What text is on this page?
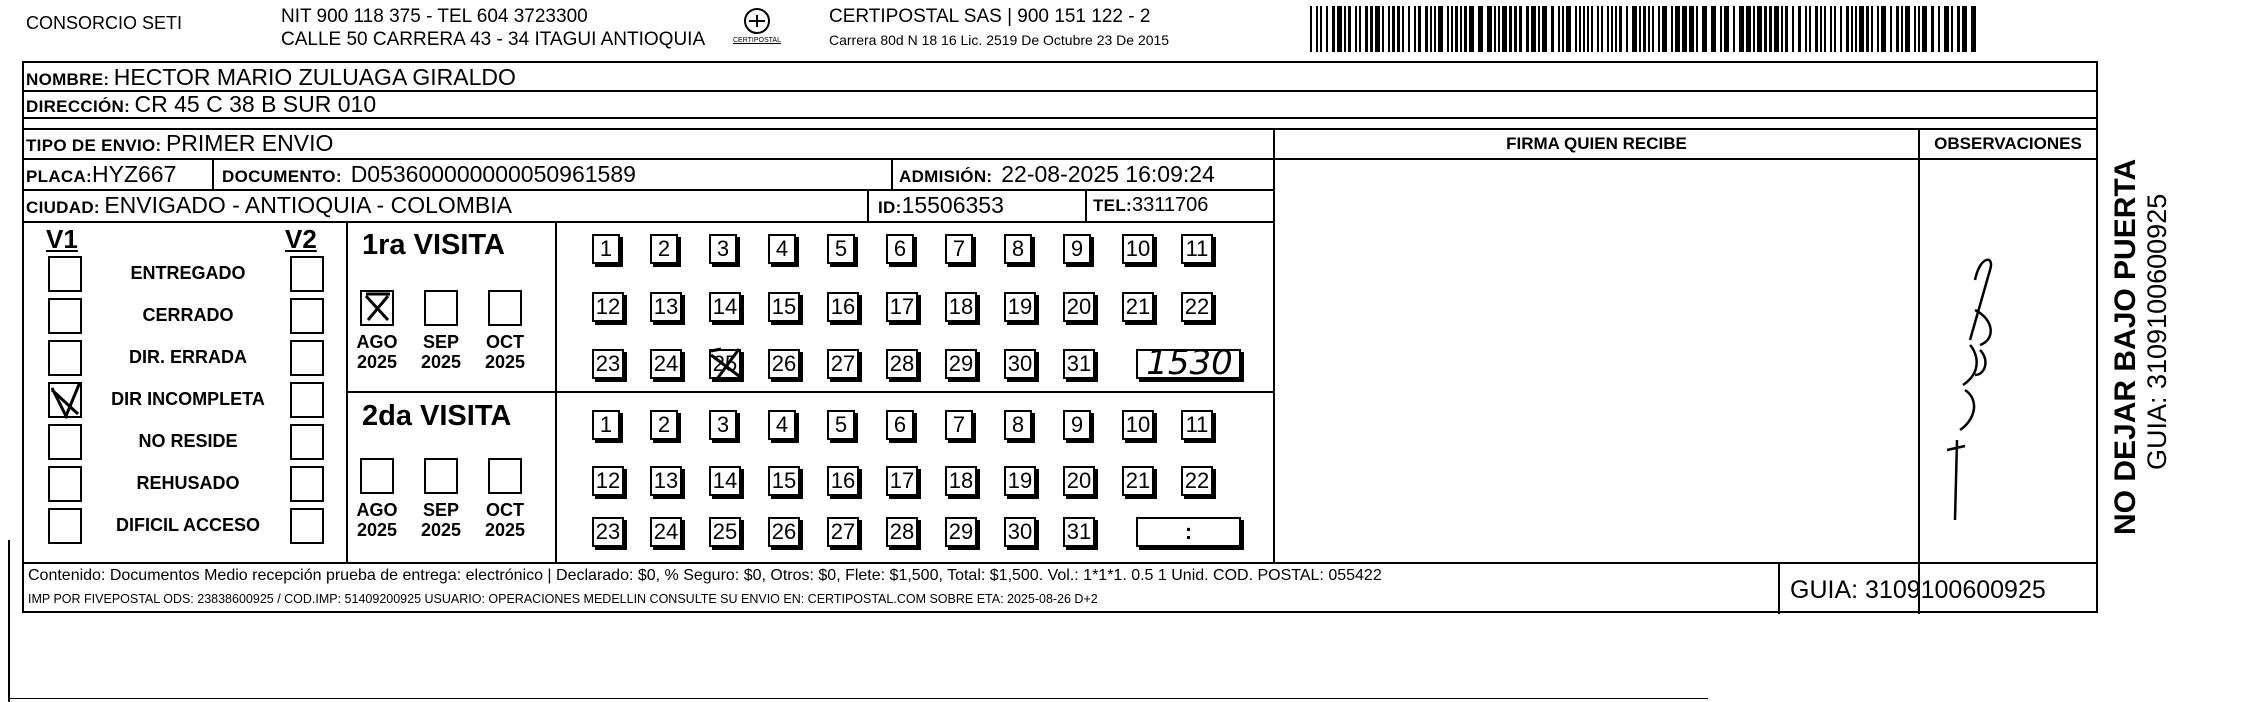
CONSORCIO SETI	NIT 900 118 375 - TEL 604 3723300
CALLE 50 CARRERA 43 - 34 ITAGUI ANTIOQUIA	CERTIPOSTAL
CERTIPOSTAL SAS | 900 151 122 - 2
Carrera 80d N 18 16 Lic. 2519 De Octubre 23 De 2015
NOMBRE: HECTOR MARIO ZULUAGA GIRALDO
DIRECCIÓN: CR 45 C 38 B SUR 010
TIPO DE ENVIO: PRIMER ENVIO
PLACA:HYZ667	DOCUMENTO: D053600000000050961589	ADMISIÓN: 22-08-2025 16:09:24
CIUDAD: ENVIGADO - ANTIOQUIA - COLOMBIA	ID:15506353	TEL:3311706
FIRMA QUIEN RECIBE	OBSERVACIONES
V1	V2
ENTREGADO
CERRADO
DIR. ERRADA
DIR INCOMPLETA
NO RESIDE
REHUSADO
DIFICIL ACCESO
1ra VISITA
2da VISITA
AGO
2025
SEP
2025
OCT
2025
AGO
2025
SEP
2025
OCT
2025
1	2	3	4	5	6	7	8	9	10 11
12 13 14 15 16 17 18 19 20 21 22
23 24 25 26 27 28 29 30 31
1	2	3	4	5	6	7	8	9	10 11
12 13 14 15 16 17 18 19 20 21 22
23 24 25 26 27 28 29 30 31
1530
:
Contenido: Documentos Medio recepción prueba de entrega: electrónico | Declarado: $0, % Seguro: $0, Otros: $0, Flete: $1,500, Total: $1,500. Vol.: 1*1*1. 0.5 1 Unid. COD. POSTAL: 055422
IMP POR FIVEPOSTAL ODS: 23838600925 / COD.IMP: 51409200925 USUARIO: OPERACIONES MEDELLIN CONSULTE SU ENVIO EN: CERTIPOSTAL.COM SOBRE ETA: 2025-08-26 D+2	GUIA: 3109100600925
NO DEJAR BAJO PUERTA GUIA: 3109100600925
